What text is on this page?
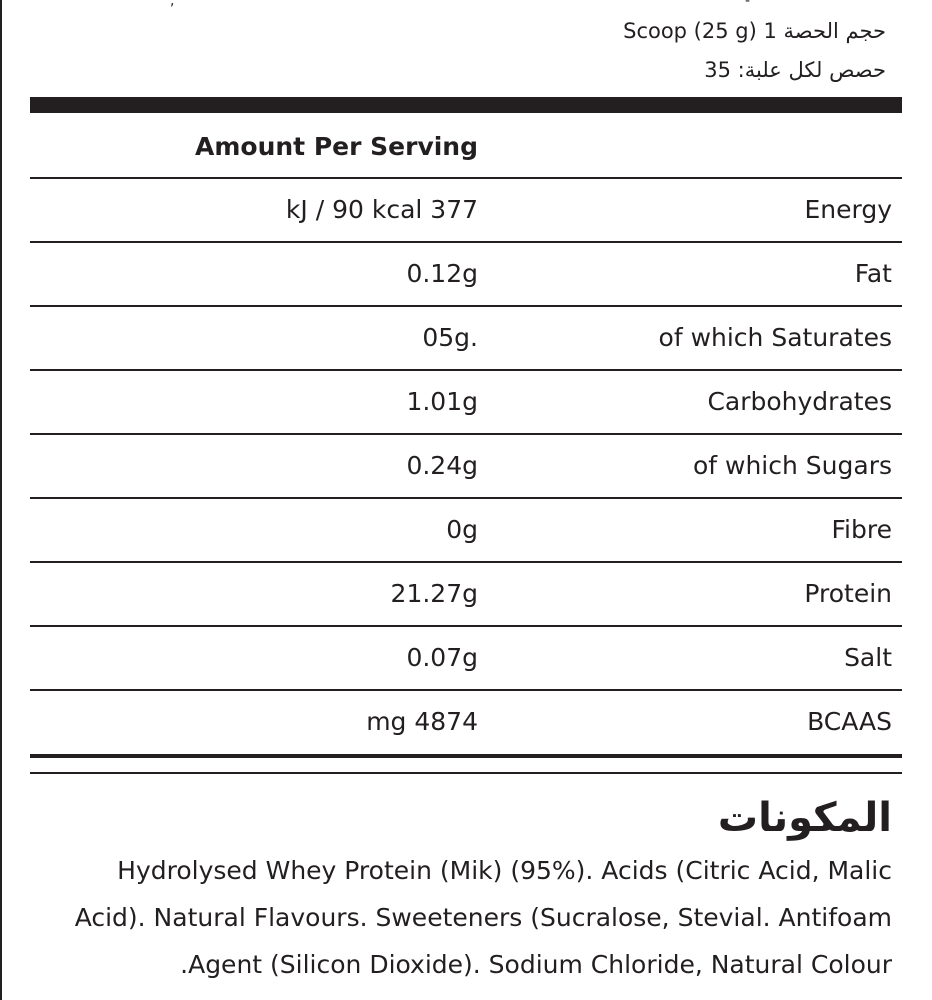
,	-
حجم الحصة 1 Scoop (25 g)
حصص لكل علبة: 35
Amount Per Serving
kJ / 90 kcal 377	Energy
0.12g	Fat
05g.	of which Saturates
1.01g	Carbohydrates
0.24g	of which Sugars
0g	Fibre
21.27g	Protein
0.07g	Salt
mg 4874	BCAAS
المكونات
Hydrolysed Whey Protein (Mik) (95%). Acids (Citric Acid, Malic
Acid). Natural Flavours. Sweeteners (Sucralose, Stevial. Antifoam
.Agent (Silicon Dioxide). Sodium Chloride, Natural Colour
